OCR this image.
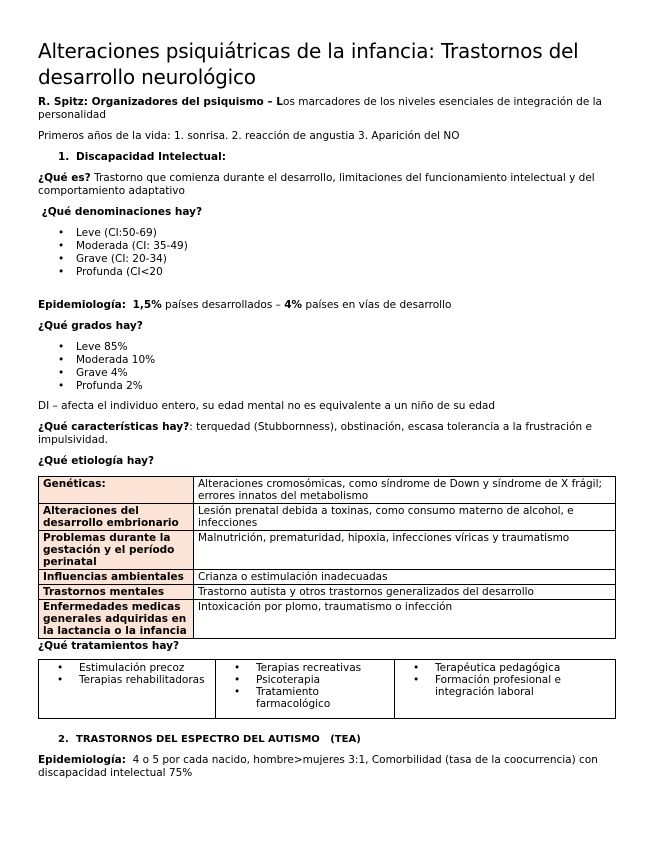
Alteraciones psiquiátricas de la infancia: Trastornos del desarrollo neurológico

R. Spitz: Organizadores del psiquismo – Los marcadores de los niveles esenciales de integración de la personalidad

Primeros años de la vida: 1. sonrisa. 2. reacción de angustia 3. Aparición del NO

1. Discapacidad Intelectual:

¿Qué es? Trastorno que comienza durante el desarrollo, limitaciones del funcionamiento intelectual y del comportamiento adaptativo

¿Qué denominaciones hay?

• Leve (CI:50-69)
• Moderada (CI: 35-49)
• Grave (CI: 20-34)
• Profunda (CI<20

Epidemiología: 1,5% países desarrollados – 4% países en vías de desarrollo

¿Qué grados hay?

• Leve 85%
• Moderada 10%
• Grave 4%
• Profunda 2%

DI – afecta el individuo entero, su edad mental no es equivalente a un niño de su edad

¿Qué características hay?: terquedad (Stubbornness), obstinación, escasa tolerancia a la frustración e impulsividad.

¿Qué etiología hay?

Genéticas:	Alteraciones cromosómicas, como síndrome de Down y síndrome de X frágil; errores innatos del metabolismo
Alteraciones del desarrollo embrionario	Lesión prenatal debida a toxinas, como consumo materno de alcohol, e infecciones
Problemas durante la gestación y el período perinatal	Malnutrición, prematuridad, hipoxia, infecciones víricas y traumatismo
Influencias ambientales	Crianza o estimulación inadecuadas
Trastornos mentales	Trastorno autista y otros trastornos generalizados del desarrollo
Enfermedades medicas generales adquiridas en la lactancia o la infancia	Intoxicación por plomo, traumatismo o infección

¿Qué tratamientos hay?

• Estimulación precoz
• Terapias rehabilitadoras

• Terapias recreativas
• Psicoterapia
• Tratamiento farmacológico

• Terapéutica pedagógica
• Formación profesional e integración laboral
2. TRASTORNOS DEL ESPECTRO DEL AUTISMO   (TEA)

Epidemiología:  4 o 5 por cada nacido, hombre>mujeres 3:1, Comorbilidad (tasa de la coocurrencia) con discapacidad intelectual 75%
